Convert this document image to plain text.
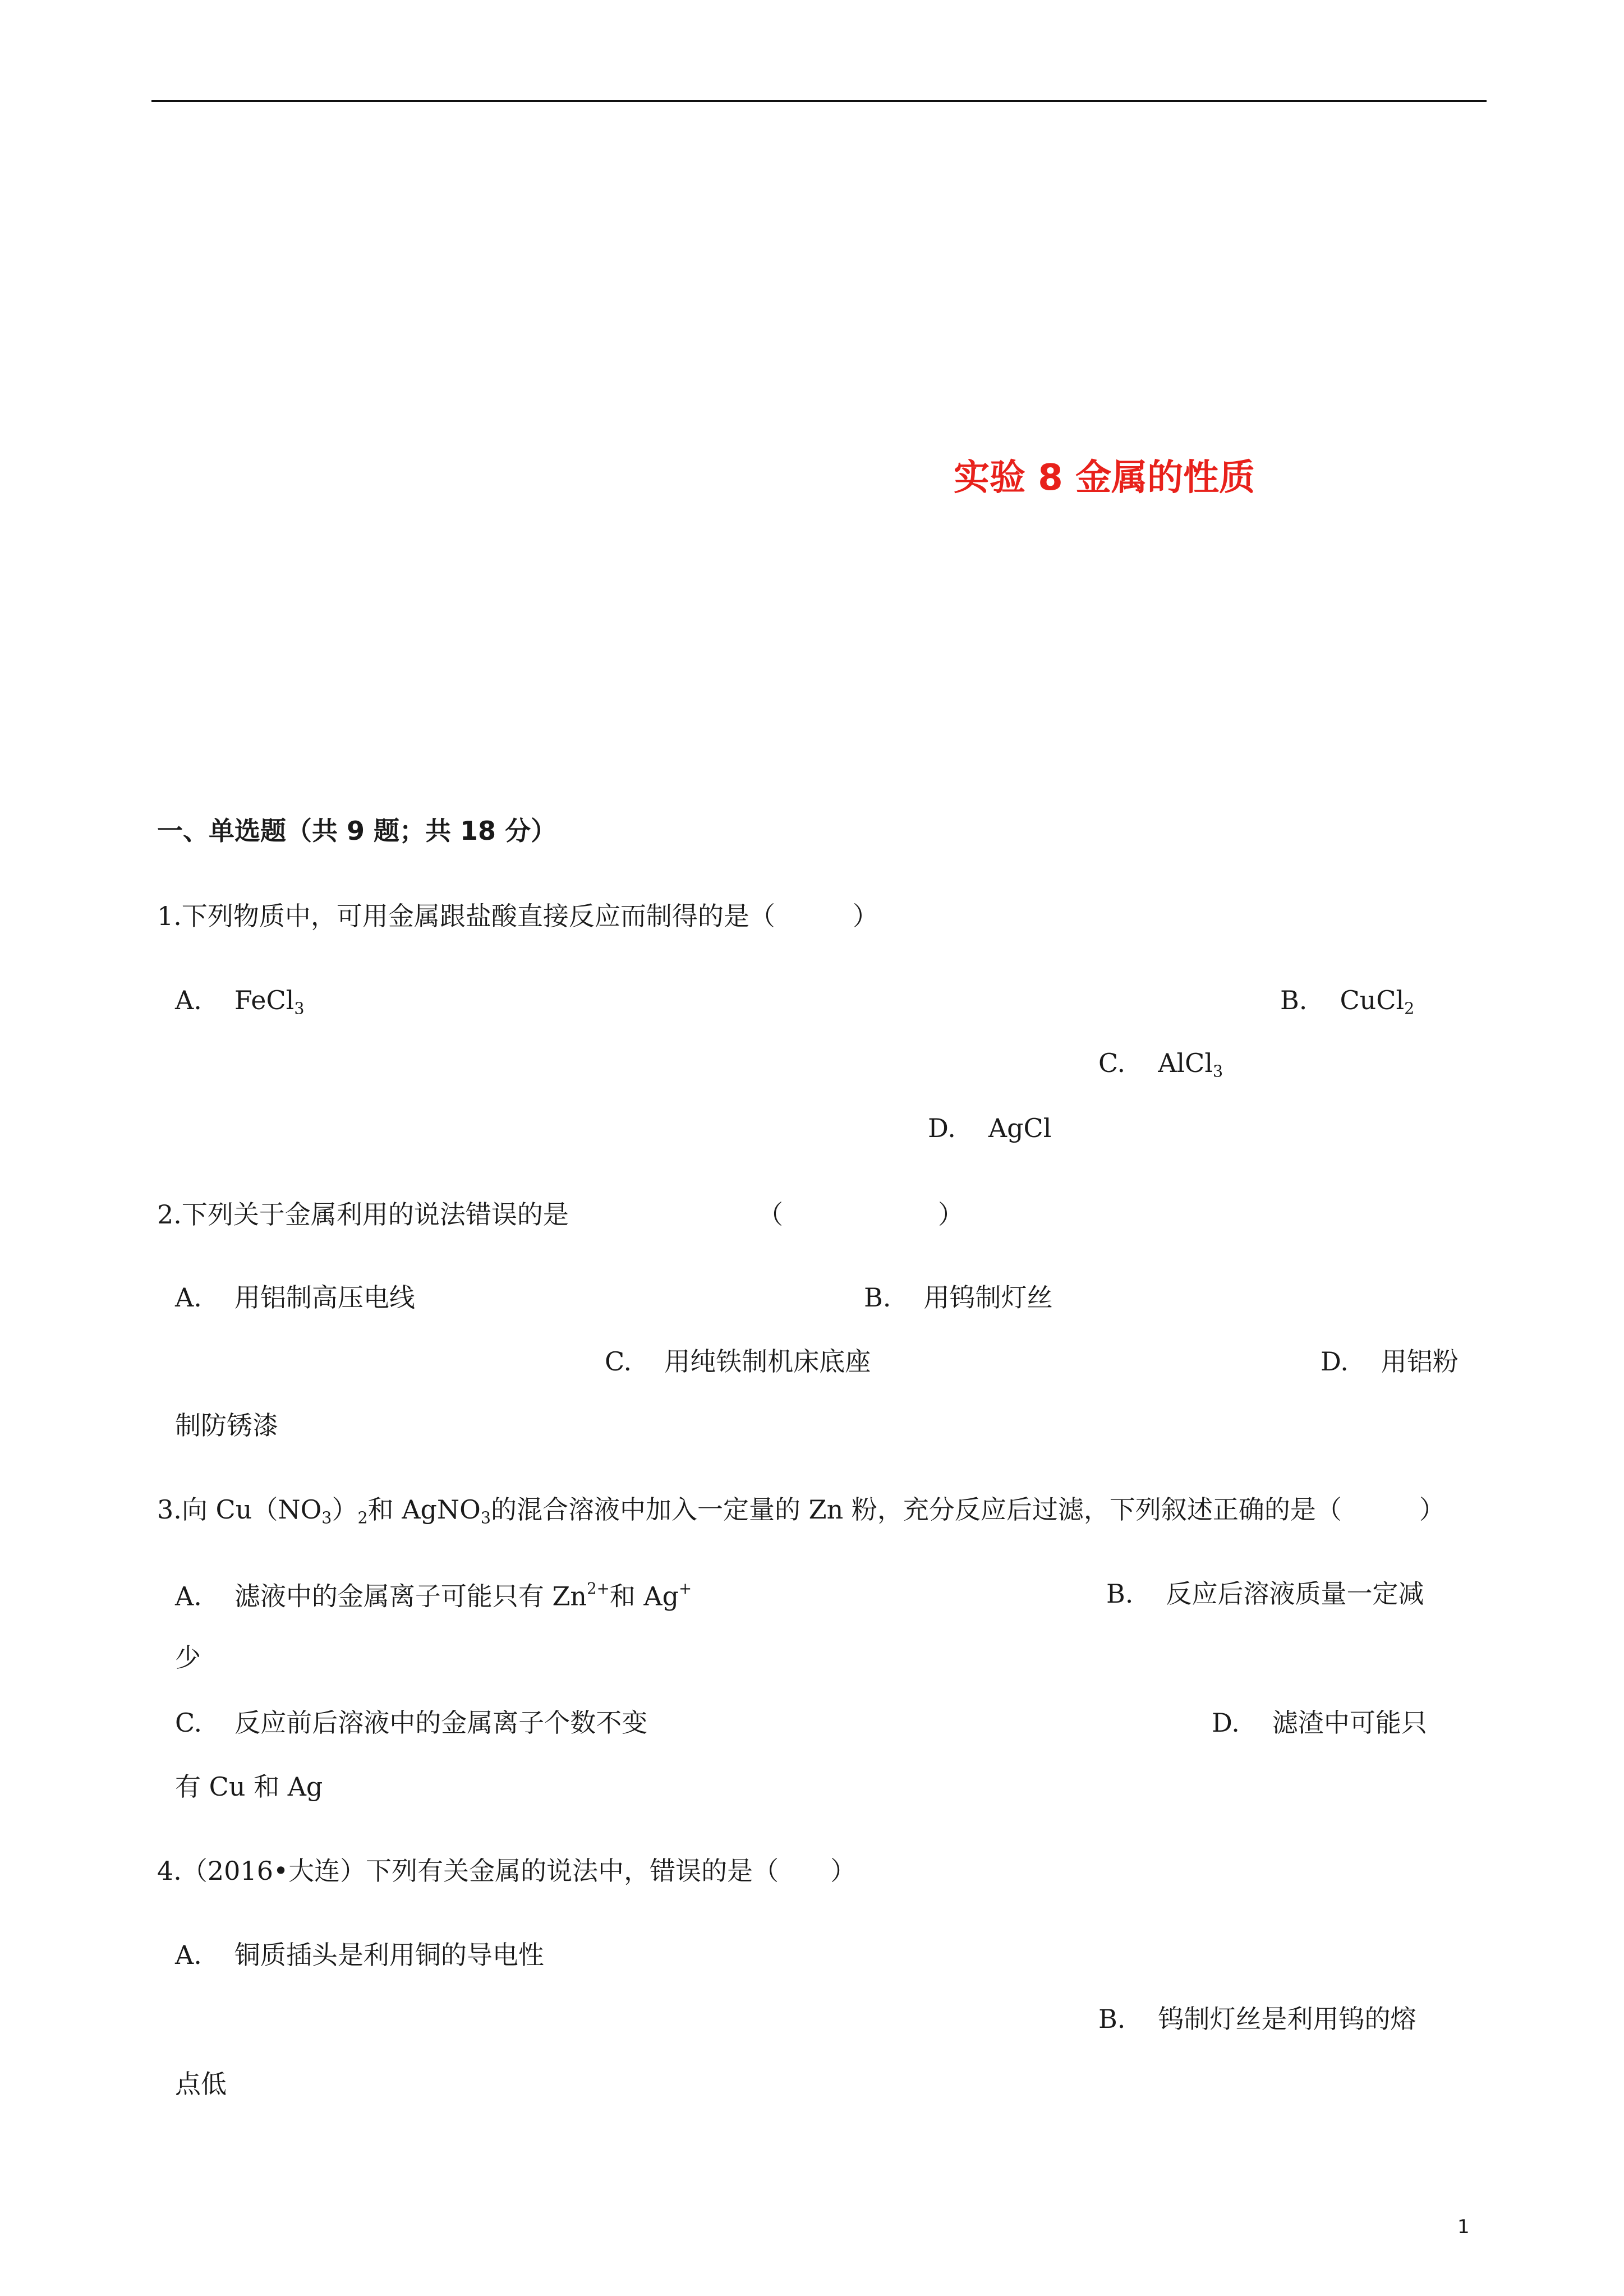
实验 8 金属的性质
一、单选题（共 9 题；共 18 分）
1.下列物质中，可用金属跟盐酸直接反应而制得的是（　　　）
A. FeCl$_3$	B. CuCl$_2$
C. AlCl$_3$
D. AgCl
2.下列关于金属利用的说法错误的是	（　　　　　　）
A. 用铝制高压电线	B. 用钨制灯丝
C. 用纯铁制机床底座	D. 用铝粉
制防锈漆
3.向 $Cu(NO_3)_2$和 AgNO$_3$的混合溶液中加入一定量的 Zn 粉，充分反应后过滤，下列叙述正确的是（　　　）
A. 滤液中的金属离子可能只有 $Zn^{2+}$和 Ag+	B. 反应后溶液质量一定减
少
C. 反应前后溶液中的金属离子个数不变	D. 滤渣中可能只
有 Cu 和 Ag
4.（2016•大连）下列有关金属的说法中，错误的是（　　）
A. 铜质插头是利用铜的导电性
B. 钨制灯丝是利用钨的熔
点低
1
